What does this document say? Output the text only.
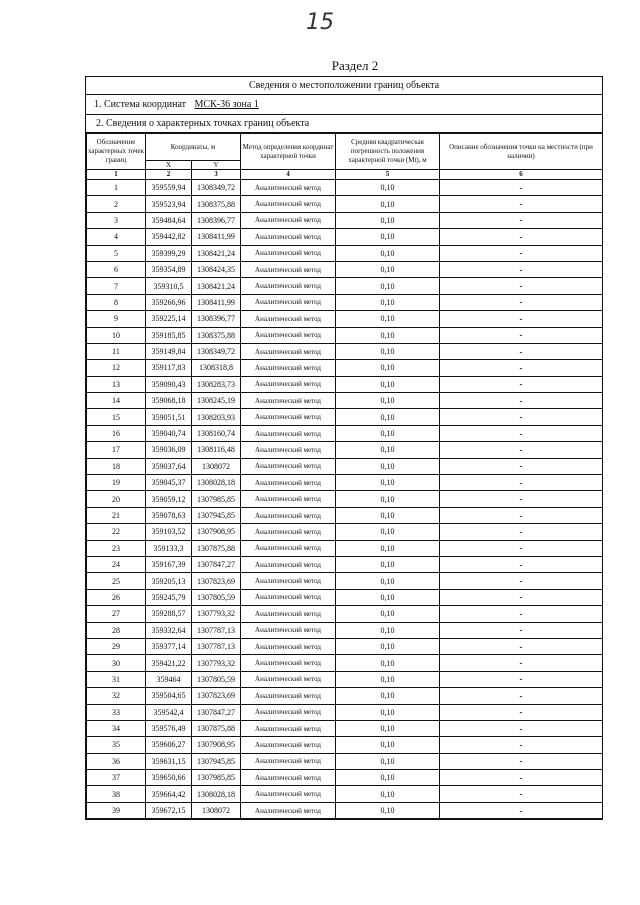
15
Раздел 2
Сведения о местоположении границ объекта
1. Система координат МСК-36 зона 1
2. Сведения о характерных точках границ объекта
Обозначение характерных точек границ	Координаты, м		Метод определения координат характерной точки	Средняя квадратическая погрешность положения характерной точки (Mt), м	Описание обозначения точки на местности (при наличии)
	X	Y			
1	2	3	4	5	6
1	359559,94	1308349,72	Аналитический метод	0,10	-
2	359523,94	1308375,88	Аналитический метод	0,10	-
3	359484,64	1308396,77	Аналитический метод	0,10	-
4	359442,82	1308411,99	Аналитический метод	0,10	-
5	359399,29	1308421,24	Аналитический метод	0,10	-
6	359354,89	1308424,35	Аналитический метод	0,10	-
7	359310,5	1308421,24	Аналитический метод	0,10	-
8	359266,96	1308411,99	Аналитический метод	0,10	-
9	359225,14	1308396,77	Аналитический метод	0,10	-
10	359185,85	1308375,88	Аналитический метод	0,10	-
11	359149,84	1308349,72	Аналитический метод	0,10	-
12	359117,83	1308318,8	Аналитический метод	0,10	-
13	359090,43	1308283,73	Аналитический метод	0,10	-
14	359068,18	1308245,19	Аналитический метод	0,10	-
15	359051,51	1308203,93	Аналитический метод	0,10	-
16	359040,74	1308160,74	Аналитический метод	0,10	-
17	359036,09	1308116,48	Аналитический метод	0,10	-
18	359037,64	1308072	Аналитический метод	0,10	-
19	359045,37	1308028,18	Аналитический метод	0,10	-
20	359059,12	1307985,85	Аналитический метод	0,10	-
21	359078,63	1307945,85	Аналитический метод	0,10	-
22	359103,52	1307908,95	Аналитический метод	0,10	-
23	359133,3	1307875,88	Аналитический метод	0,10	-
24	359167,39	1307847,27	Аналитический метод	0,10	-
25	359205,13	1307823,69	Аналитический метод	0,10	-
26	359245,79	1307805,59	Аналитический метод	0,10	-
27	359288,57	1307793,32	Аналитический метод	0,10	-
28	359332,64	1307787,13	Аналитический метод	0,10	-
29	359377,14	1307787,13	Аналитический метод	0,10	-
30	359421,22	1307793,32	Аналитический метод	0,10	-
31	359464	1307805,59	Аналитический метод	0,10	-
32	359504,65	1307823,69	Аналитический метод	0,10	-
33	359542,4	1307847,27	Аналитический метод	0,10	-
34	359576,49	1307875,88	Аналитический метод	0,10	-
35	359606,27	1307908,95	Аналитический метод	0,10	-
36	359631,15	1307945,85	Аналитический метод	0,10	-
37	359650,66	1307985,85	Аналитический метод	0,10	-
38	359664,42	1308028,18	Аналитический метод	0,10	-
39	359672,15	1308072	Аналитический метод	0,10	-
